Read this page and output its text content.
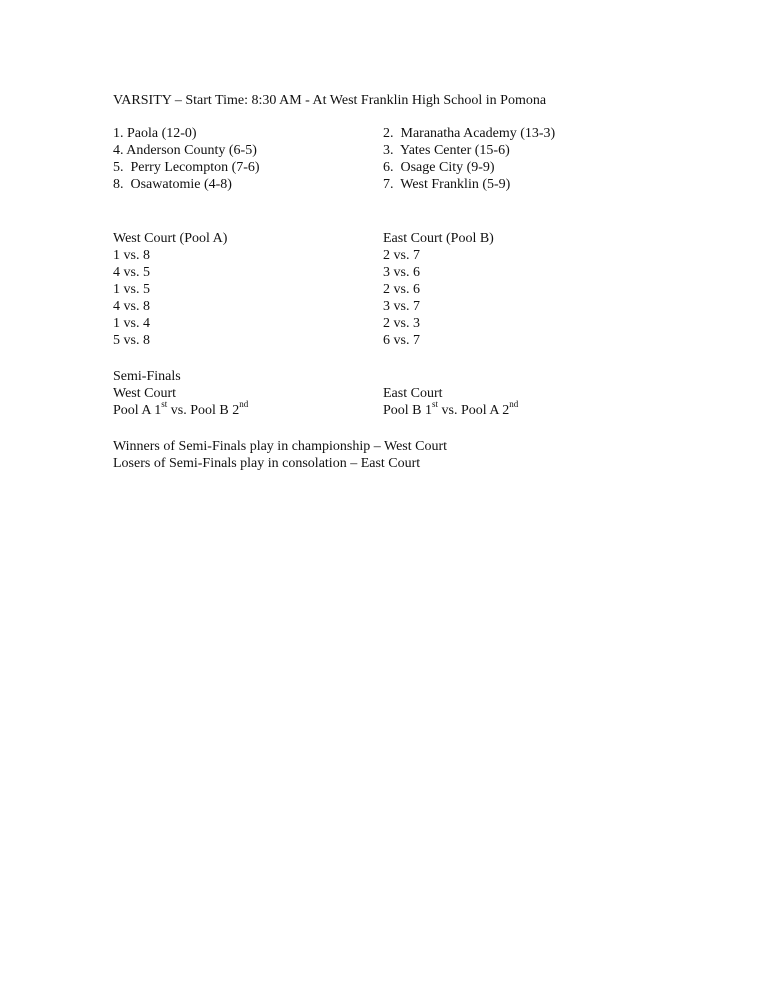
VARSITY – Start Time: 8:30 AM - At West Franklin High School in Pomona
1. Paola (12-0)
4. Anderson County (6-5)
5.  Perry Lecompton (7-6)
8.  Osawatomie (4-8)
2.  Maranatha Academy (13-3)
3.  Yates Center (15-6)
6.  Osage City (9-9)
7.  West Franklin (5-9)
West Court (Pool A)
1 vs. 8
4 vs. 5
1 vs. 5
4 vs. 8
1 vs. 4
5 vs. 8
East Court (Pool B)
2 vs. 7
3 vs. 6
2 vs. 6
3 vs. 7
2 vs. 3
6 vs. 7
Semi-Finals
West Court
Pool A 1st vs. Pool B 2nd
East Court
Pool B 1st vs. Pool A 2nd
Winners of Semi-Finals play in championship – West Court
Losers of Semi-Finals play in consolation – East Court
